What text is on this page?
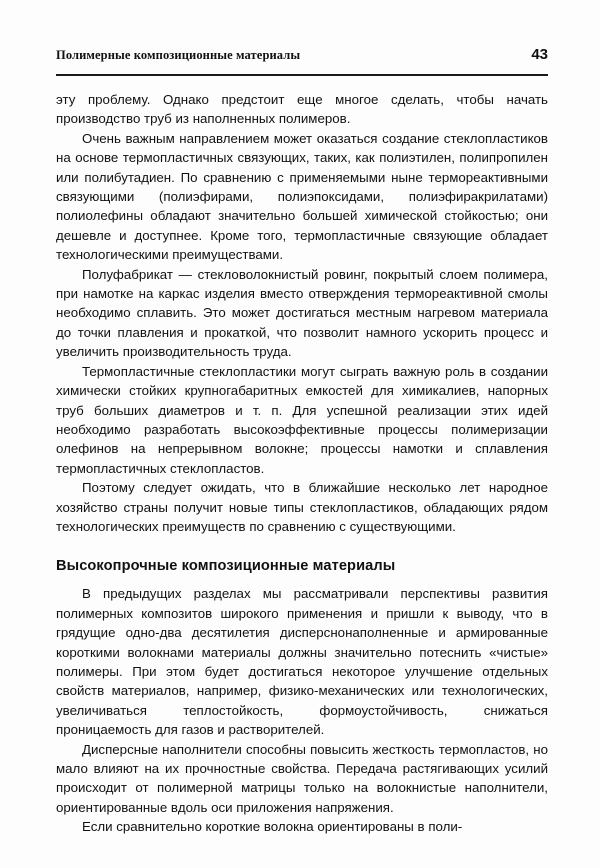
Полимерные композиционные материалы	43

эту проблему. Однако предстоит еще многое сделать, чтобы начать производство труб из наполненных полимеров.

Очень важным направлением может оказаться создание стеклопластиков на основе термопластичных связующих, таких, как полиэтилен, полипропилен или полибутадиен. По сравнению с применяемыми ныне термореактивными связующими (полиэфирами, полиэпоксидами, полиэфиракрилатами) полиолефины обладают значительно большей химической стойкостью; они дешевле и доступнее. Кроме того, термопластичные связующие обладает технологическими преимуществами.

Полуфабрикат — стекловолокнистый ровинг, покрытый слоем полимера, при намотке на каркас изделия вместо отверждения термореактивной смолы необходимо сплавить. Это может достигаться местным нагревом материала до точки плавления и прокаткой, что позволит намного ускорить процесс и увеличить производительность труда.

Термопластичные стеклопластики могут сыграть важную роль в создании химически стойких крупногабаритных емкостей для химикалиев, напорных труб больших диаметров и т. п. Для успешной реализации этих идей необходимо разработать высокоэффективные процессы полимеризации олефинов на непрерывном волокне; процессы намотки и сплавления термопластичных стеклопластов.

Поэтому следует ожидать, что в ближайшие несколько лет народное хозяйство страны получит новые типы стеклопластиков, обладающих рядом технологических преимуществ по сравнению с существующими.

Высокопрочные композиционные материалы

В предыдущих разделах мы рассматривали перспективы развития полимерных композитов широкого применения и пришли к выводу, что в грядущие одно-два десятилетия дисперснонаполненные и армированные короткими волокнами материалы должны значительно потеснить «чистые» полимеры. При этом будет достигаться некоторое улучшение отдельных свойств материалов, например, физико-механических или технологических, увеличиваться теплостойкость, формоустойчивость, снижаться проницаемость для газов и растворителей.

Дисперсные наполнители способны повысить жесткость термопластов, но мало влияют на их прочностные свойства. Передача растягивающих усилий происходит от полимерной матрицы только на волокнистые наполнители, ориентированные вдоль оси приложения напряжения.

Если сравнительно короткие волокна ориентированы в поли-
